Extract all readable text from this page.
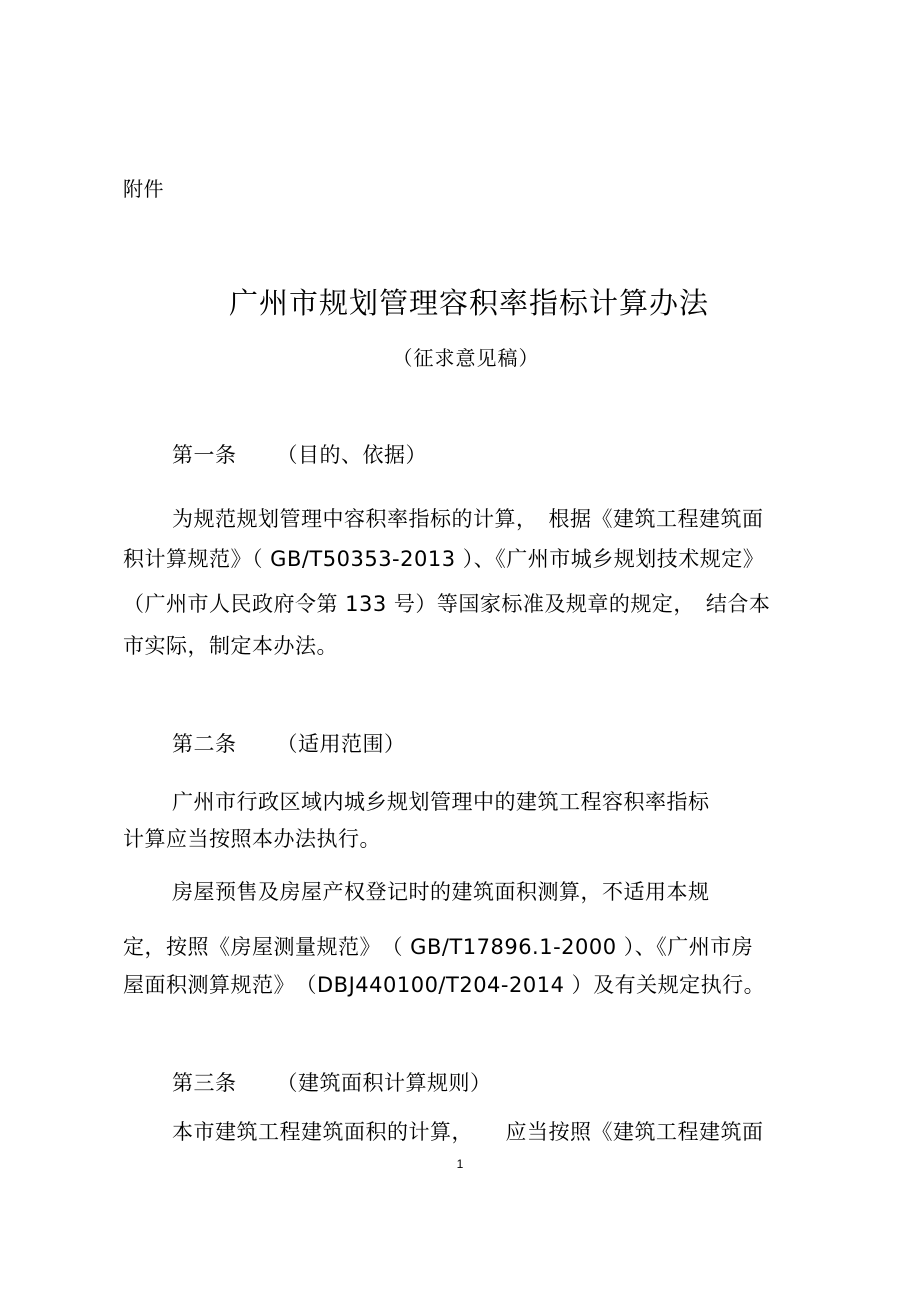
附件
广州市规划管理容积率指标计算办法
（征求意见稿）
第一条 （目的、依据）
为规范规划管理中容积率指标的计算，　根据《建筑工程建筑面
积计算规范》（ GB/T50353-2013 ）、《广州市城乡规划技术规定》
（广州市人民政府令第 133 号）等国家标准及规章的规定，　结合本
市实际，制定本办法。
第二条 （适用范围）
广州市行政区域内城乡规划管理中的建筑工程容积率指标
计算应当按照本办法执行。
房屋预售及房屋产权登记时的建筑面积测算，不适用本规
定，按照《房屋测量规范》　（ GB/T17896.1-2000 ）、《广州市房
屋面积测算规范》　（DBJ440100/T204-2014 ）及有关规定执行。
第三条 （建筑面积计算规则）
本市建筑工程建筑面积的计算，　　应当按照《建筑工程建筑面
1
